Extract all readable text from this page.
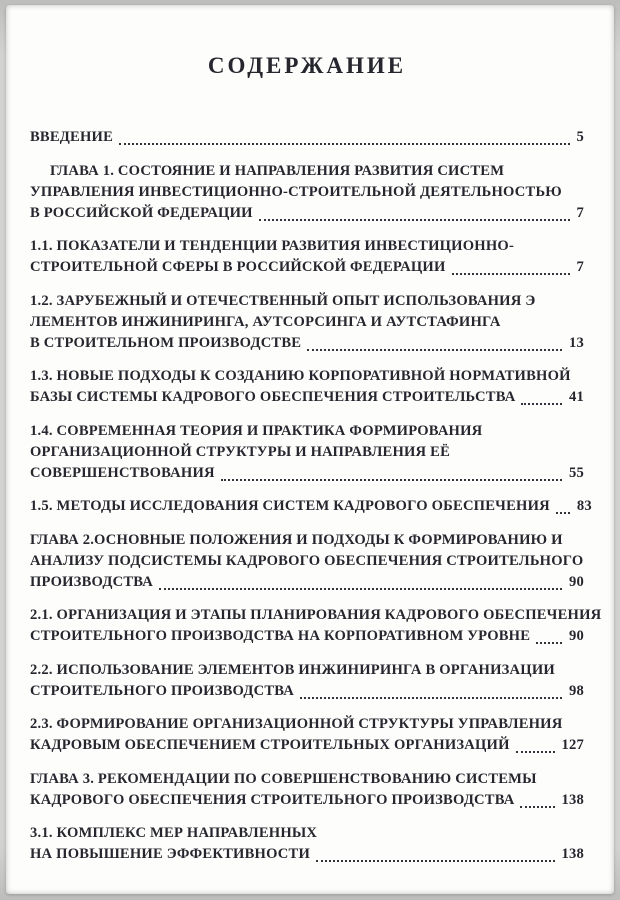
СОДЕРЖАНИЕ
ВВЕДЕНИЕ	5
ГЛАВА 1. СОСТОЯНИЕ И НАПРАВЛЕНИЯ РАЗВИТИЯ СИСТЕМ
УПРАВЛЕНИЯ ИНВЕСТИЦИОННО-СТРОИТЕЛЬНОЙ ДЕЯТЕЛЬНОСТЬЮ
В РОССИЙСКОЙ ФЕДЕРАЦИИ	7
1.1. ПОКАЗАТЕЛИ И ТЕНДЕНЦИИ РАЗВИТИЯ ИНВЕСТИЦИОННО-
СТРОИТЕЛЬНОЙ СФЕРЫ В РОССИЙСКОЙ ФЕДЕРАЦИИ	7
1.2. ЗАРУБЕЖНЫЙ И ОТЕЧЕСТВЕННЫЙ ОПЫТ ИСПОЛЬЗОВАНИЯ Э
ЛЕМЕНТОВ ИНЖИНИРИНГА, АУТСОРСИНГА И АУТСТАФИНГА
В СТРОИТЕЛЬНОМ ПРОИЗВОДСТВЕ	13
1.3. НОВЫЕ ПОДХОДЫ К СОЗДАНИЮ КОРПОРАТИВНОЙ НОРМАТИВНОЙ
БАЗЫ СИСТЕМЫ КАДРОВОГО ОБЕСПЕЧЕНИЯ СТРОИТЕЛЬСТВА	41
1.4. СОВРЕМЕННАЯ ТЕОРИЯ И ПРАКТИКА ФОРМИРОВАНИЯ
ОРГАНИЗАЦИОННОЙ СТРУКТУРЫ И НАПРАВЛЕНИЯ ЕЁ
СОВЕРШЕНСТВОВАНИЯ	55
1.5. МЕТОДЫ ИССЛЕДОВАНИЯ СИСТЕМ КАДРОВОГО ОБЕСПЕЧЕНИЯ 83
ГЛАВА 2.ОСНОВНЫЕ ПОЛОЖЕНИЯ И ПОДХОДЫ К ФОРМИРОВАНИЮ И
АНАЛИЗУ ПОДСИСТЕМЫ КАДРОВОГО ОБЕСПЕЧЕНИЯ СТРОИТЕЛЬНОГО
ПРОИЗВОДСТВА	90
2.1. ОРГАНИЗАЦИЯ И ЭТАПЫ ПЛАНИРОВАНИЯ КАДРОВОГО ОБЕСПЕЧЕНИЯ
СТРОИТЕЛЬНОГО ПРОИЗВОДСТВА НА КОРПОРАТИВНОМ УРОВНЕ	90
2.2. ИСПОЛЬЗОВАНИЕ ЭЛЕМЕНТОВ ИНЖИНИРИНГА В ОРГАНИЗАЦИИ
СТРОИТЕЛЬНОГО ПРОИЗВОДСТВА	98
2.3. ФОРМИРОВАНИЕ ОРГАНИЗАЦИОННОЙ СТРУКТУРЫ УПРАВЛЕНИЯ
КАДРОВЫМ ОБЕСПЕЧЕНИЕМ СТРОИТЕЛЬНЫХ ОРГАНИЗАЦИЙ	127
ГЛАВА 3. РЕКОМЕНДАЦИИ ПО СОВЕРШЕНСТВОВАНИЮ СИСТЕМЫ
КАДРОВОГО ОБЕСПЕЧЕНИЯ СТРОИТЕЛЬНОГО ПРОИЗВОДСТВА	138
3.1. КОМПЛЕКС МЕР НАПРАВЛЕННЫХ
НА ПОВЫШЕНИЕ ЭФФЕКТИВНОСТИ	138
